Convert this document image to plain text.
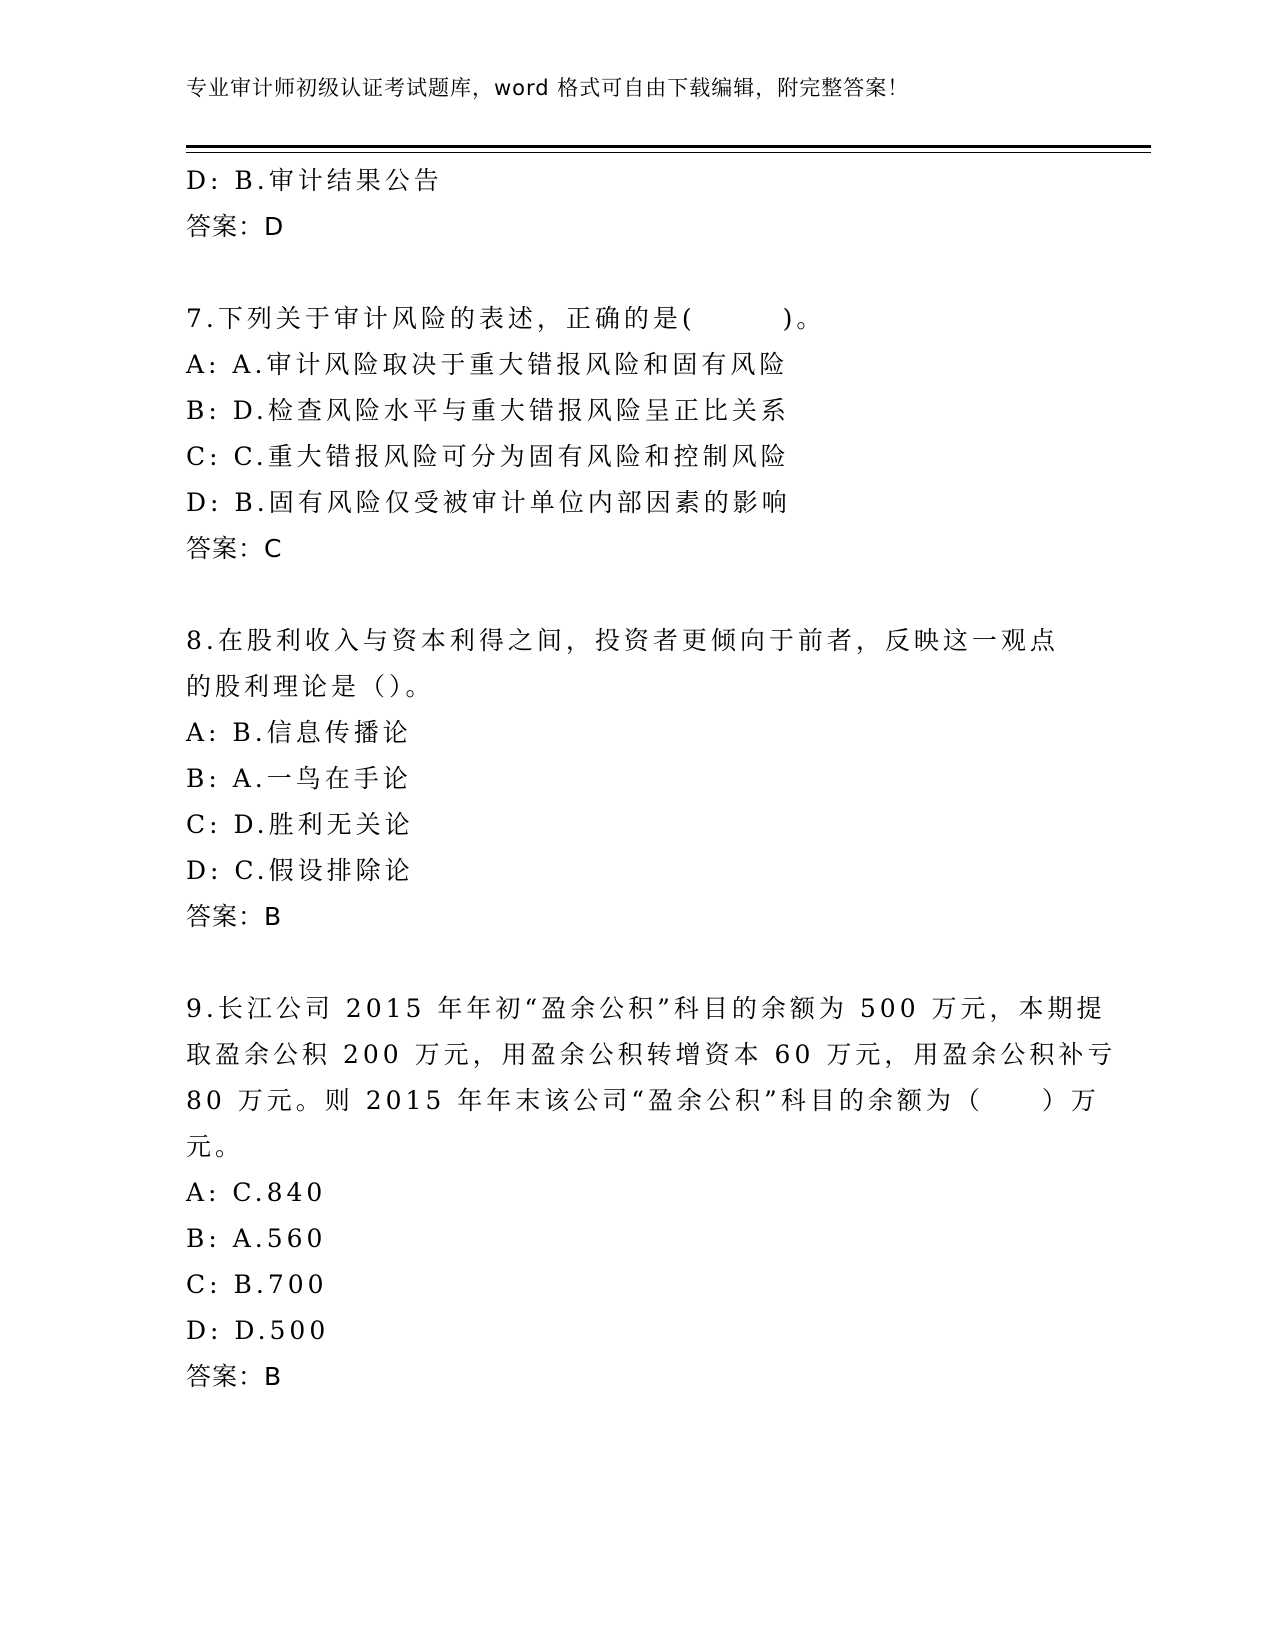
专业审计师初级认证考试题库，word 格式可自由下载编辑，附完整答案！
D: B.审计结果公告
答案：D
7.下列关于审计风险的表述，正确的是(　　　)。
A: A.审计风险取决于重大错报风险和固有风险
B: D.检查风险水平与重大错报风险呈正比关系
C: C.重大错报风险可分为固有风险和控制风险
D: B.固有风险仅受被审计单位内部因素的影响
答案：C
8.在股利收入与资本利得之间，投资者更倾向于前者，反映这一观点
的股利理论是（）。
A: B.信息传播论
B: A.一鸟在手论
C: D.胜利无关论
D: C.假设排除论
答案：B
9.长江公司 2015 年年初“盈余公积”科目的余额为 500 万元，本期提
取盈余公积 200 万元，用盈余公积转增资本 60 万元，用盈余公积补亏
80 万元。则 2015 年年末该公司“盈余公积”科目的余额为（　　）万
元。
A: C.840
B: A.560
C: B.700
D: D.500
答案：B
